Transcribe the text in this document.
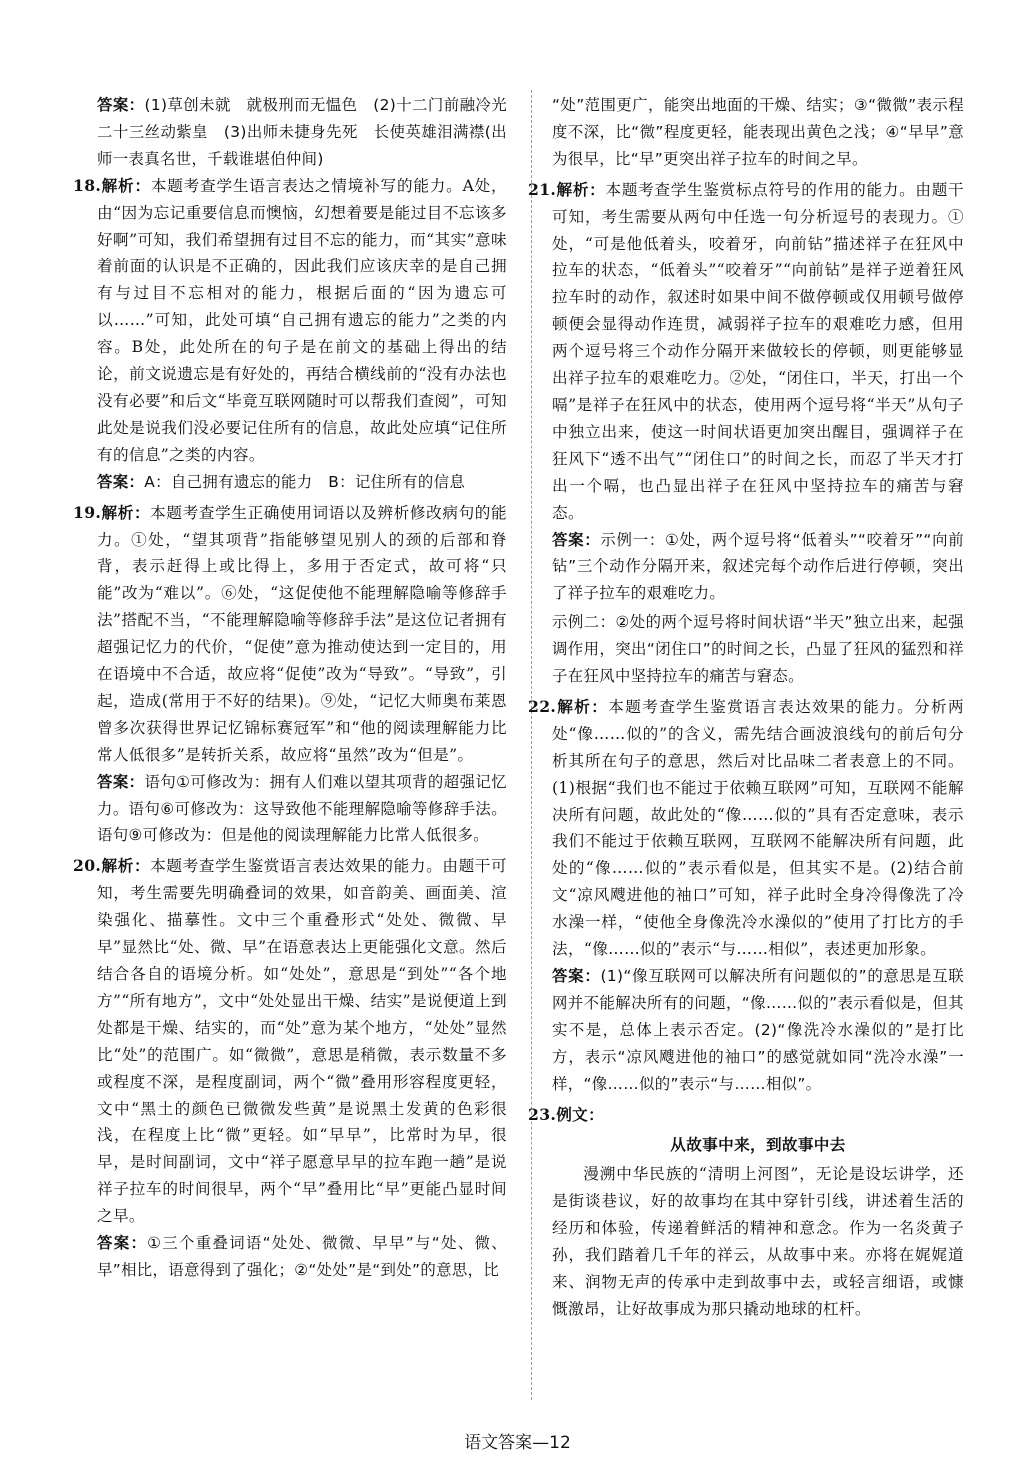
答案：(1)草创未就　就极刑而无愠色　(2)十二门前融冷光　二十三丝动紫皇　(3)出师未捷身先死　长使英雄泪满襟(出师一表真名世，千载谁堪伯仲间)

18.解析：本题考查学生语言表达之情境补写的能力。A处，由“因为忘记重要信息而懊恼，幻想着要是能过目不忘该多好啊”可知，我们希望拥有过目不忘的能力，而“其实”意味着前面的认识是不正确的，因此我们应该庆幸的是自己拥有与过目不忘相对的能力，根据后面的“因为遗忘可以……”可知，此处可填“自己拥有遗忘的能力”之类的内容。B处，此处所在的句子是在前文的基础上得出的结论，前文说遗忘是有好处的，再结合横线前的“没有办法也没有必要”和后文“毕竟互联网随时可以帮我们查阅”，可知此处是说我们没必要记住所有的信息，故此处应填“记住所有的信息”之类的内容。

答案：A：自己拥有遗忘的能力　B：记住所有的信息

19.解析：本题考查学生正确使用词语以及辨析修改病句的能力。①处，“望其项背”指能够望见别人的颈的后部和脊背，表示赶得上或比得上，多用于否定式，故可将“只能”改为“难以”。⑥处，“这促使他不能理解隐喻等修辞手法”搭配不当，“不能理解隐喻等修辞手法”是这位记者拥有超强记忆力的代价，“促使”意为推动使达到一定目的，用在语境中不合适，故应将“促使”改为“导致”。“导致”，引起，造成(常用于不好的结果)。⑨处，“记忆大师奥布莱恩曾多次获得世界记忆锦标赛冠军”和“他的阅读理解能力比常人低很多”是转折关系，故应将“虽然”改为“但是”。

答案：语句①可修改为：拥有人们难以望其项背的超强记忆力。语句⑥可修改为：这导致他不能理解隐喻等修辞手法。语句⑨可修改为：但是他的阅读理解能力比常人低很多。

20.解析：本题考查学生鉴赏语言表达效果的能力。由题干可知，考生需要先明确叠词的效果，如音韵美、画面美、渲染强化、描摹性。文中三个重叠形式“处处、微微、早早”显然比“处、微、早”在语意表达上更能强化文意。然后结合各自的语境分析。如“处处”，意思是“到处”“各个地方”“所有地方”，文中“处处显出干燥、结实”是说便道上到处都是干燥、结实的，而“处”意为某个地方，“处处”显然比“处”的范围广。如“微微”，意思是稍微，表示数量不多或程度不深，是程度副词，两个“微”叠用形容程度更轻，文中“黑土的颜色已微微发些黄”是说黑土发黄的色彩很浅，在程度上比“微”更轻。如“早早”，比常时为早，很早，是时间副词，文中“祥子愿意早早的拉车跑一趟”是说祥子拉车的时间很早，两个“早”叠用比“早”更能凸显时间之早。

答案：①三个重叠词语“处处、微微、早早”与“处、微、早”相比，语意得到了强化；②“处处”是“到处”的意思，比

“处”范围更广，能突出地面的干燥、结实；③“微微”表示程度不深，比“微”程度更轻，能表现出黄色之浅；④“早早”意为很早，比“早”更突出祥子拉车的时间之早。

21.解析：本题考查学生鉴赏标点符号的作用的能力。由题干可知，考生需要从两句中任选一句分析逗号的表现力。①处，“可是他低着头，咬着牙，向前钻”描述祥子在狂风中拉车的状态，“低着头”“咬着牙”“向前钻”是祥子逆着狂风拉车时的动作，叙述时如果中间不做停顿或仅用顿号做停顿便会显得动作连贯，减弱祥子拉车的艰难吃力感，但用两个逗号将三个动作分隔开来做较长的停顿，则更能够显出祥子拉车的艰难吃力。②处，“闭住口，半天，打出一个嗝”是祥子在狂风中的状态，使用两个逗号将“半天”从句子中独立出来，使这一时间状语更加突出醒目，强调祥子在狂风下“透不出气”“闭住口”的时间之长，而忍了半天才打出一个嗝，也凸显出祥子在狂风中坚持拉车的痛苦与窘态。

答案：示例一：①处，两个逗号将“低着头”“咬着牙”“向前钻”三个动作分隔开来，叙述完每个动作后进行停顿，突出了祥子拉车的艰难吃力。

示例二：②处的两个逗号将时间状语“半天”独立出来，起强调作用，突出“闭住口”的时间之长，凸显了狂风的猛烈和祥子在狂风中坚持拉车的痛苦与窘态。

22.解析：本题考查学生鉴赏语言表达效果的能力。分析两处“像……似的”的含义，需先结合画波浪线句的前后句分析其所在句子的意思，然后对比品味二者表意上的不同。(1)根据“我们也不能过于依赖互联网”可知，互联网不能解决所有问题，故此处的“像……似的”具有否定意味，表示我们不能过于依赖互联网，互联网不能解决所有问题，此处的“像……似的”表示看似是，但其实不是。(2)结合前文“凉风飕进他的袖口”可知，祥子此时全身冷得像洗了冷水澡一样，“使他全身像洗冷水澡似的”使用了打比方的手法，“像……似的”表示“与……相似”，表述更加形象。

答案：(1)“像互联网可以解决所有问题似的”的意思是互联网并不能解决所有的问题，“像……似的”表示看似是，但其实不是，总体上表示否定。(2)“像洗冷水澡似的”是打比方，表示“凉风飕进他的袖口”的感觉就如同“洗冷水澡”一样，“像……似的”表示“与……相似”。

23.例文：

从故事中来，到故事中去

漫溯中华民族的“清明上河图”，无论是设坛讲学，还是街谈巷议，好的故事均在其中穿针引线，讲述着生活的经历和体验，传递着鲜活的精神和意念。作为一名炎黄子孙，我们踏着几千年的祥云，从故事中来。亦将在娓娓道来、润物无声的传承中走到故事中去，或轻言细语，或慷慨激昂，让好故事成为那只撬动地球的杠杆。

语文答案—12
